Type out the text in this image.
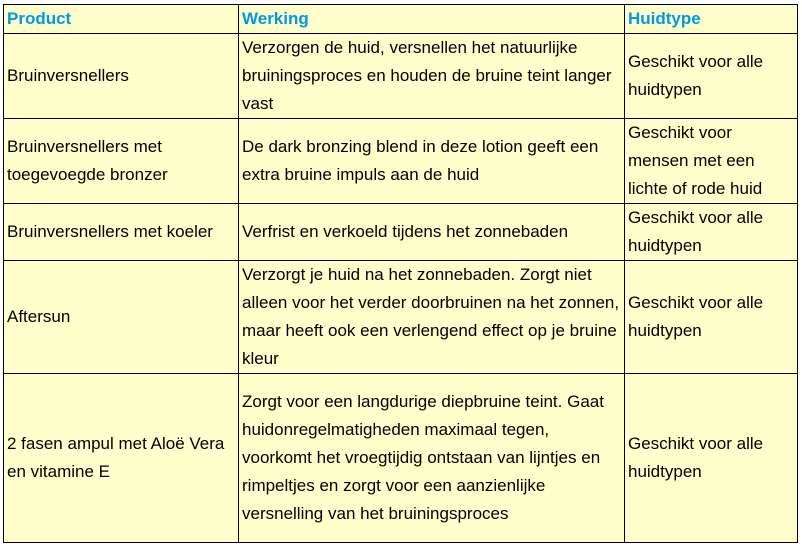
Product	Werking	Huidtype
Bruinversnellers	Verzorgen de huid, versnellen het natuurlijke bruiningsproces en houden de bruine teint langer vast	Geschikt voor alle huidtypen
Bruinversnellers met toegevoegde bronzer	De dark bronzing blend in deze lotion geeft een extra bruine impuls aan de huid	Geschikt voor mensen met een lichte of rode huid
Bruinversnellers met koeler	Verfrist en verkoeld tijdens het zonnebaden	Geschikt voor alle huidtypen
Aftersun	Verzorgt je huid na het zonnebaden. Zorgt niet alleen voor het verder doorbruinen na het zonnen, maar heeft ook een verlengend effect op je bruine kleur	Geschikt voor alle huidtypen
2 fasen ampul met Aloë Vera en vitamine E	Zorgt voor een langdurige diepbruine teint. Gaat huidonregelmatigheden maximaal tegen, voorkomt het vroegtijdig ontstaan van lijntjes en rimpeltjes en zorgt voor een aanzienlijke versnelling van het bruiningsproces	Geschikt voor alle huidtypen
